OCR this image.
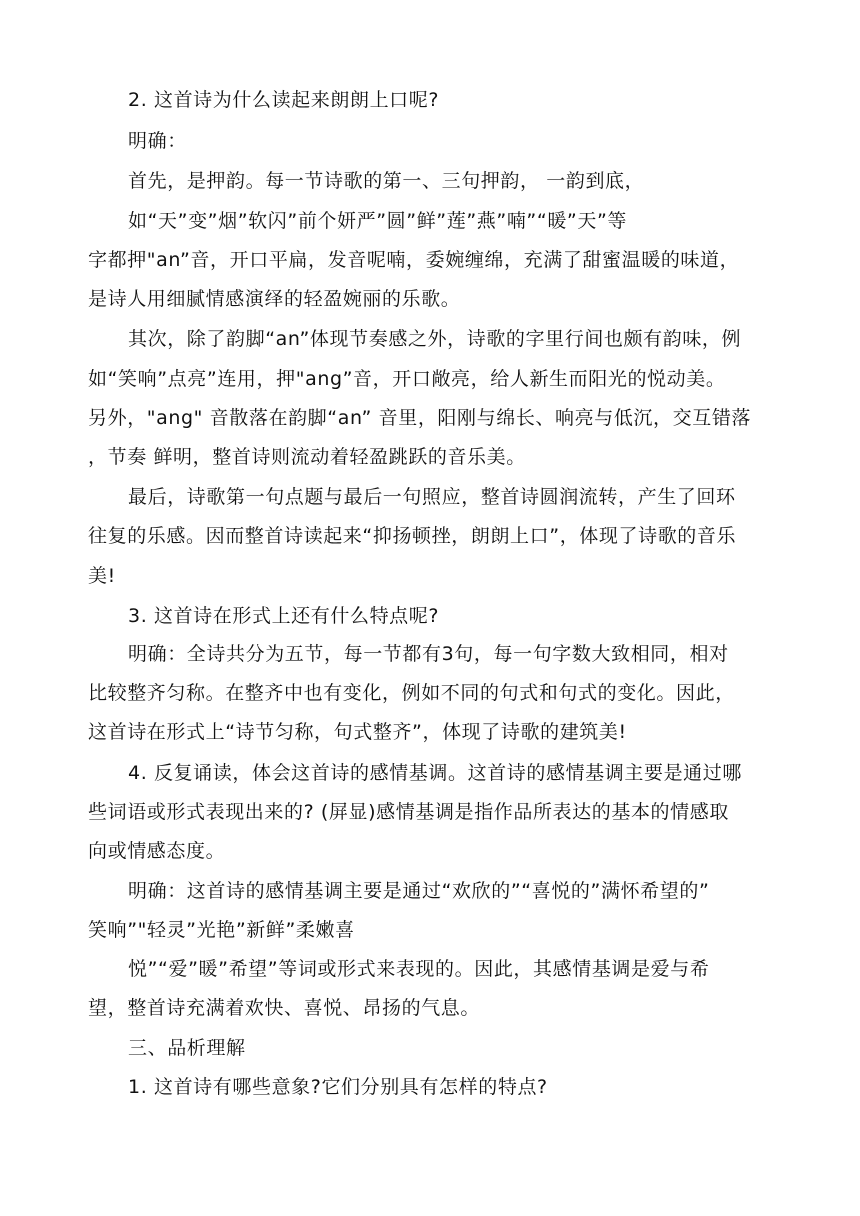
2. 这首诗为什么读起来朗朗上口呢?
明确：
首先，是押韵。每一节诗歌的第一、三句押韵， 一韵到底，
如“天”变”烟”软闪”前个妍严”圆”鲜”莲”燕”喃”“暖”天”等
字都押"an”音，开口平扁，发音呢喃，委婉缠绵，充满了甜蜜温暖的味道，
是诗人用细腻情感演绎的轻盈婉丽的乐歌。
其次，除了韵脚“an”体现节奏感之外，诗歌的字里行间也颇有韵味，例
如“笑响”点亮”连用，押"ang”音，开口敞亮，给人新生而阳光的悦动美。
另外，"ang" 音散落在韵脚“an” 音里，阳刚与绵长、响亮与低沉，交互错落
，节奏 鲜明，整首诗则流动着轻盈跳跃的音乐美。
最后，诗歌第一句点题与最后一句照应，整首诗圆润流转，产生了回环
往复的乐感。因而整首诗读起来“抑扬顿挫，朗朗上口”，体现了诗歌的音乐
美!
3. 这首诗在形式上还有什么特点呢?
明确：全诗共分为五节，每一节都有3句，每一句字数大致相同，相对
比较整齐匀称。在整齐中也有变化，例如不同的句式和句式的变化。因此，
这首诗在形式上“诗节匀称，句式整齐”，体现了诗歌的建筑美!
4. 反复诵读，体会这首诗的感情基调。这首诗的感情基调主要是通过哪
些词语或形式表现出来的? (屏显)感情基调是指作品所表达的基本的情感取
向或情感态度。
明确：这首诗的感情基调主要是通过“欢欣的”“喜悦的”满怀希望的”
笑响”"轻灵”光艳”新鲜”柔嫩喜
悦”“爱”暖”希望”等词或形式来表现的。因此，其感情基调是爱与希
望，整首诗充满着欢快、喜悦、昂扬的气息。
三、品析理解
1. 这首诗有哪些意象?它们分别具有怎样的特点?
